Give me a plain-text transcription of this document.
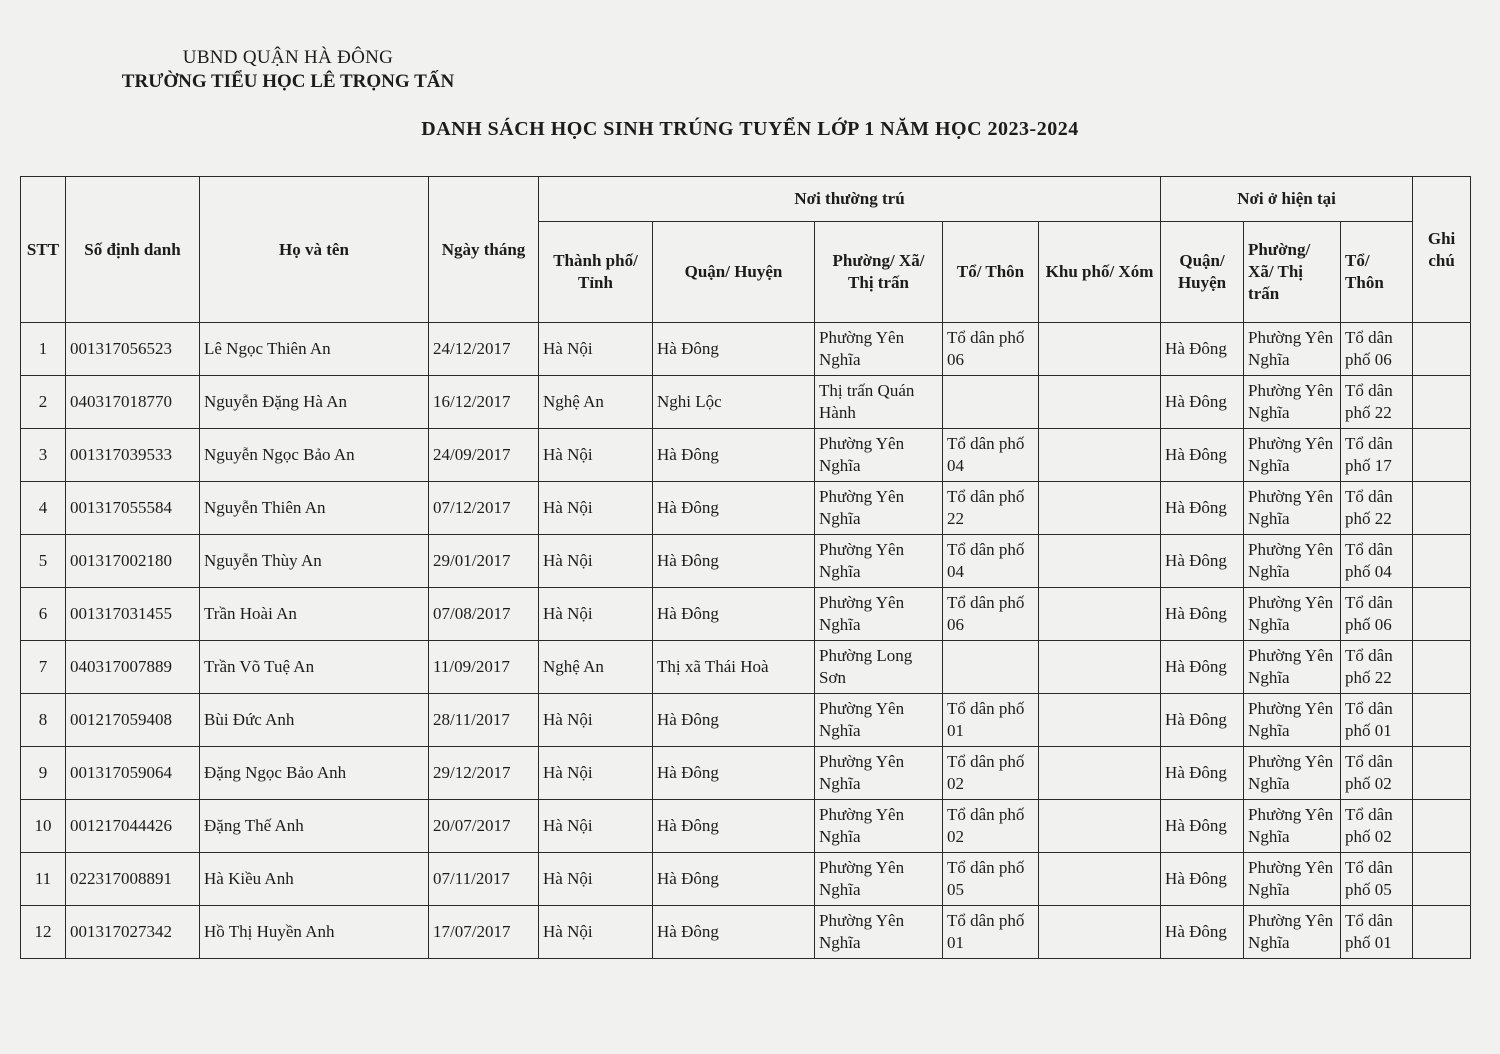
UBND QUẬN HÀ ĐÔNG
TRƯỜNG TIỂU HỌC LÊ TRỌNG TẤN
DANH SÁCH HỌC SINH TRÚNG TUYỂN LỚP 1 NĂM HỌC 2023-2024
STT	Số định danh	Họ và tên	Ngày tháng	Nơi thường trú					Nơi ở hiện tại			Ghi chú
				Thành phố/ Tỉnh	Quận/ Huyện	Phường/ Xã/ Thị trấn	Tổ/ Thôn	Khu phố/ Xóm	Quận/ Huyện	Phường/ Xã/ Thị trấn	Tổ/ Thôn	
1	001317056523	Lê Ngọc Thiên An	24/12/2017	Hà Nội	Hà Đông	Phường Yên Nghĩa	Tổ dân phố 06		Hà Đông	Phường Yên Nghĩa	Tổ dân phố 06	
2	040317018770	Nguyễn Đặng Hà An	16/12/2017	Nghệ An	Nghi Lộc	Thị trấn Quán Hành			Hà Đông	Phường Yên Nghĩa	Tổ dân phố 22	
3	001317039533	Nguyễn Ngọc Bảo An	24/09/2017	Hà Nội	Hà Đông	Phường Yên Nghĩa	Tổ dân phố 04		Hà Đông	Phường Yên Nghĩa	Tổ dân phố 17	
4	001317055584	Nguyễn Thiên An	07/12/2017	Hà Nội	Hà Đông	Phường Yên Nghĩa	Tổ dân phố 22		Hà Đông	Phường Yên Nghĩa	Tổ dân phố 22	
5	001317002180	Nguyễn Thùy An	29/01/2017	Hà Nội	Hà Đông	Phường Yên Nghĩa	Tổ dân phố 04		Hà Đông	Phường Yên Nghĩa	Tổ dân phố 04	
6	001317031455	Trần Hoài An	07/08/2017	Hà Nội	Hà Đông	Phường Yên Nghĩa	Tổ dân phố 06		Hà Đông	Phường Yên Nghĩa	Tổ dân phố 06	
7	040317007889	Trần Võ Tuệ An	11/09/2017	Nghệ An	Thị xã Thái Hoà	Phường Long Sơn			Hà Đông	Phường Yên Nghĩa	Tổ dân phố 22	
8	001217059408	Bùi Đức Anh	28/11/2017	Hà Nội	Hà Đông	Phường Yên Nghĩa	Tổ dân phố 01		Hà Đông	Phường Yên Nghĩa	Tổ dân phố 01	
9	001317059064	Đặng Ngọc Bảo Anh	29/12/2017	Hà Nội	Hà Đông	Phường Yên Nghĩa	Tổ dân phố 02		Hà Đông	Phường Yên Nghĩa	Tổ dân phố 02	
10	001217044426	Đặng Thế Anh	20/07/2017	Hà Nội	Hà Đông	Phường Yên Nghĩa	Tổ dân phố 02		Hà Đông	Phường Yên Nghĩa	Tổ dân phố 02	
11	022317008891	Hà Kiều Anh	07/11/2017	Hà Nội	Hà Đông	Phường Yên Nghĩa	Tổ dân phố 05		Hà Đông	Phường Yên Nghĩa	Tổ dân phố 05	
12	001317027342	Hồ Thị Huyền Anh	17/07/2017	Hà Nội	Hà Đông	Phường Yên Nghĩa	Tổ dân phố 01		Hà Đông	Phường Yên Nghĩa	Tổ dân phố 01	
